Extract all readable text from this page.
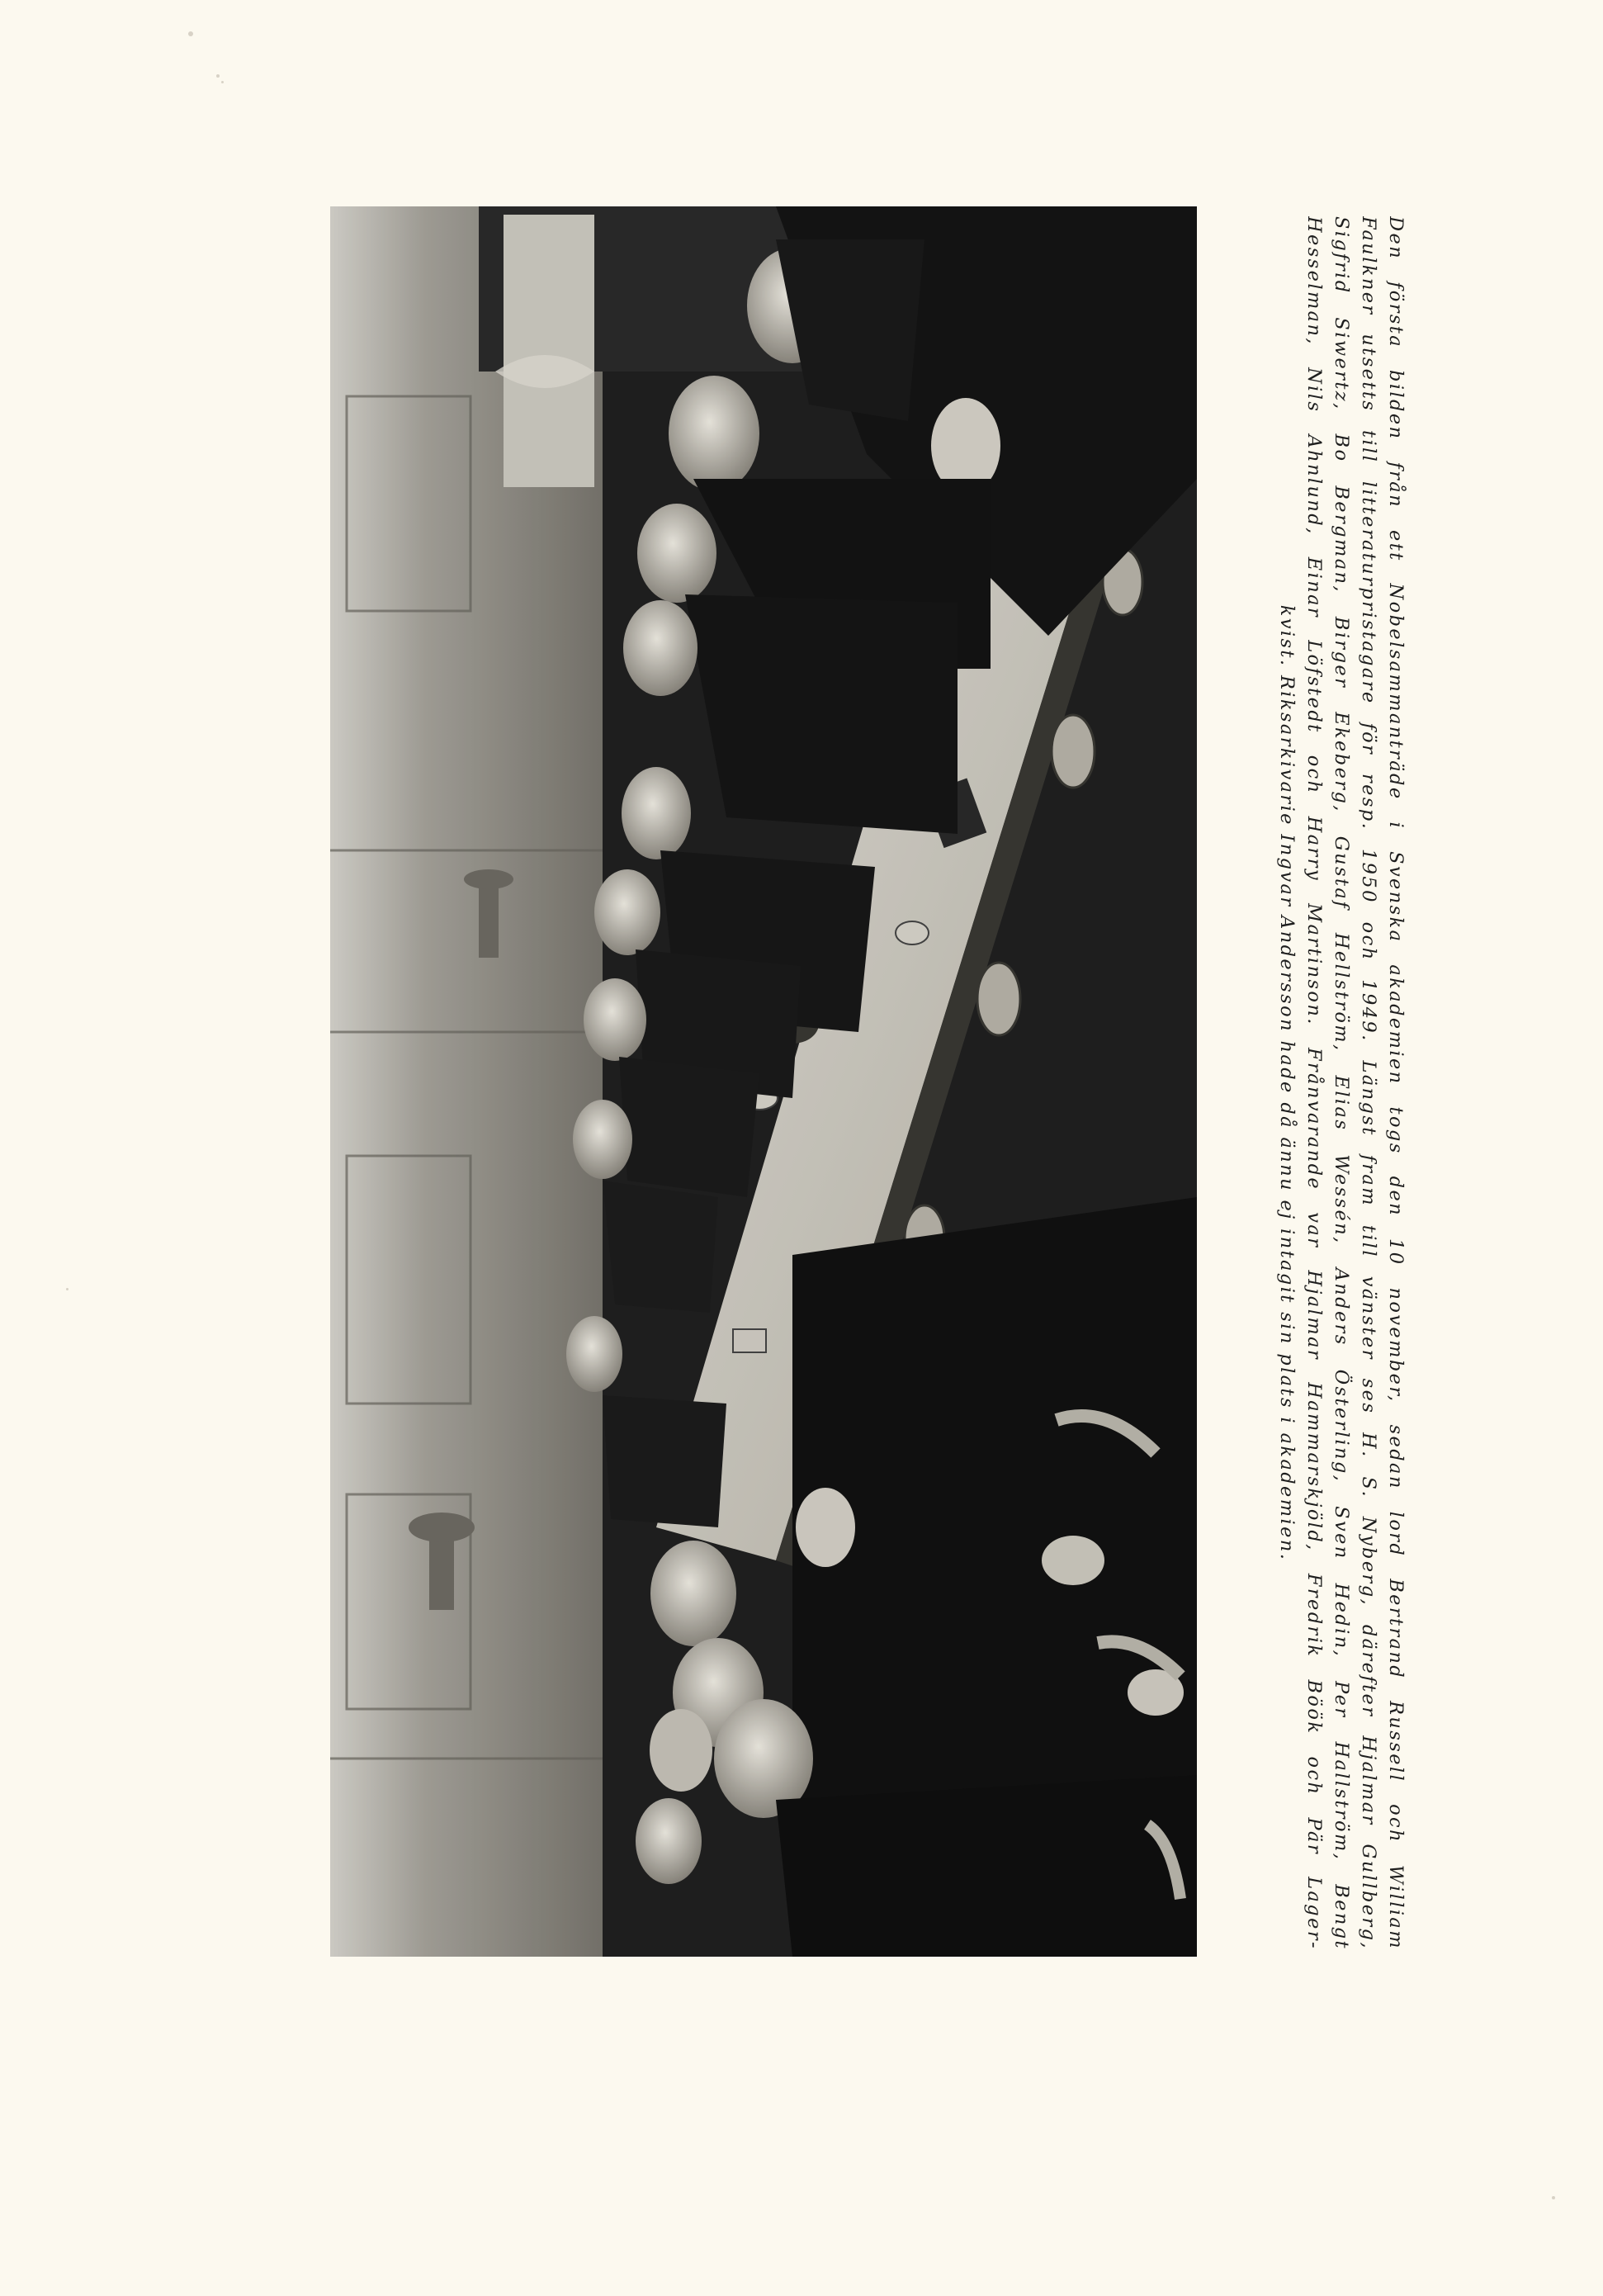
Den första bilden från ett Nobelsammanträde i Svenska akademien togs den 10 november, sedan lord Bertrand Russell och William
Faulkner utsetts till litteraturpristagare för resp. 1950 och 1949. Längst fram till vänster ses H. S. Nyberg, därefter Hjalmar Gullberg,
Sigfrid Siwertz, Bo Bergman, Birger Ekeberg, Gustaf Hellström, Elias Wessén, Anders Österling, Sven Hedin, Per Hallström, Bengt
Hesselman, Nils Ahnlund, Einar Löfstedt och Harry Martinson. Frånvarande var Hjalmar Hammarskjöld, Fredrik Böök och Pär Lager-
kvist. Riksarkivarie Ingvar Andersson hade då ännu ej intagit sin plats i akademien.
